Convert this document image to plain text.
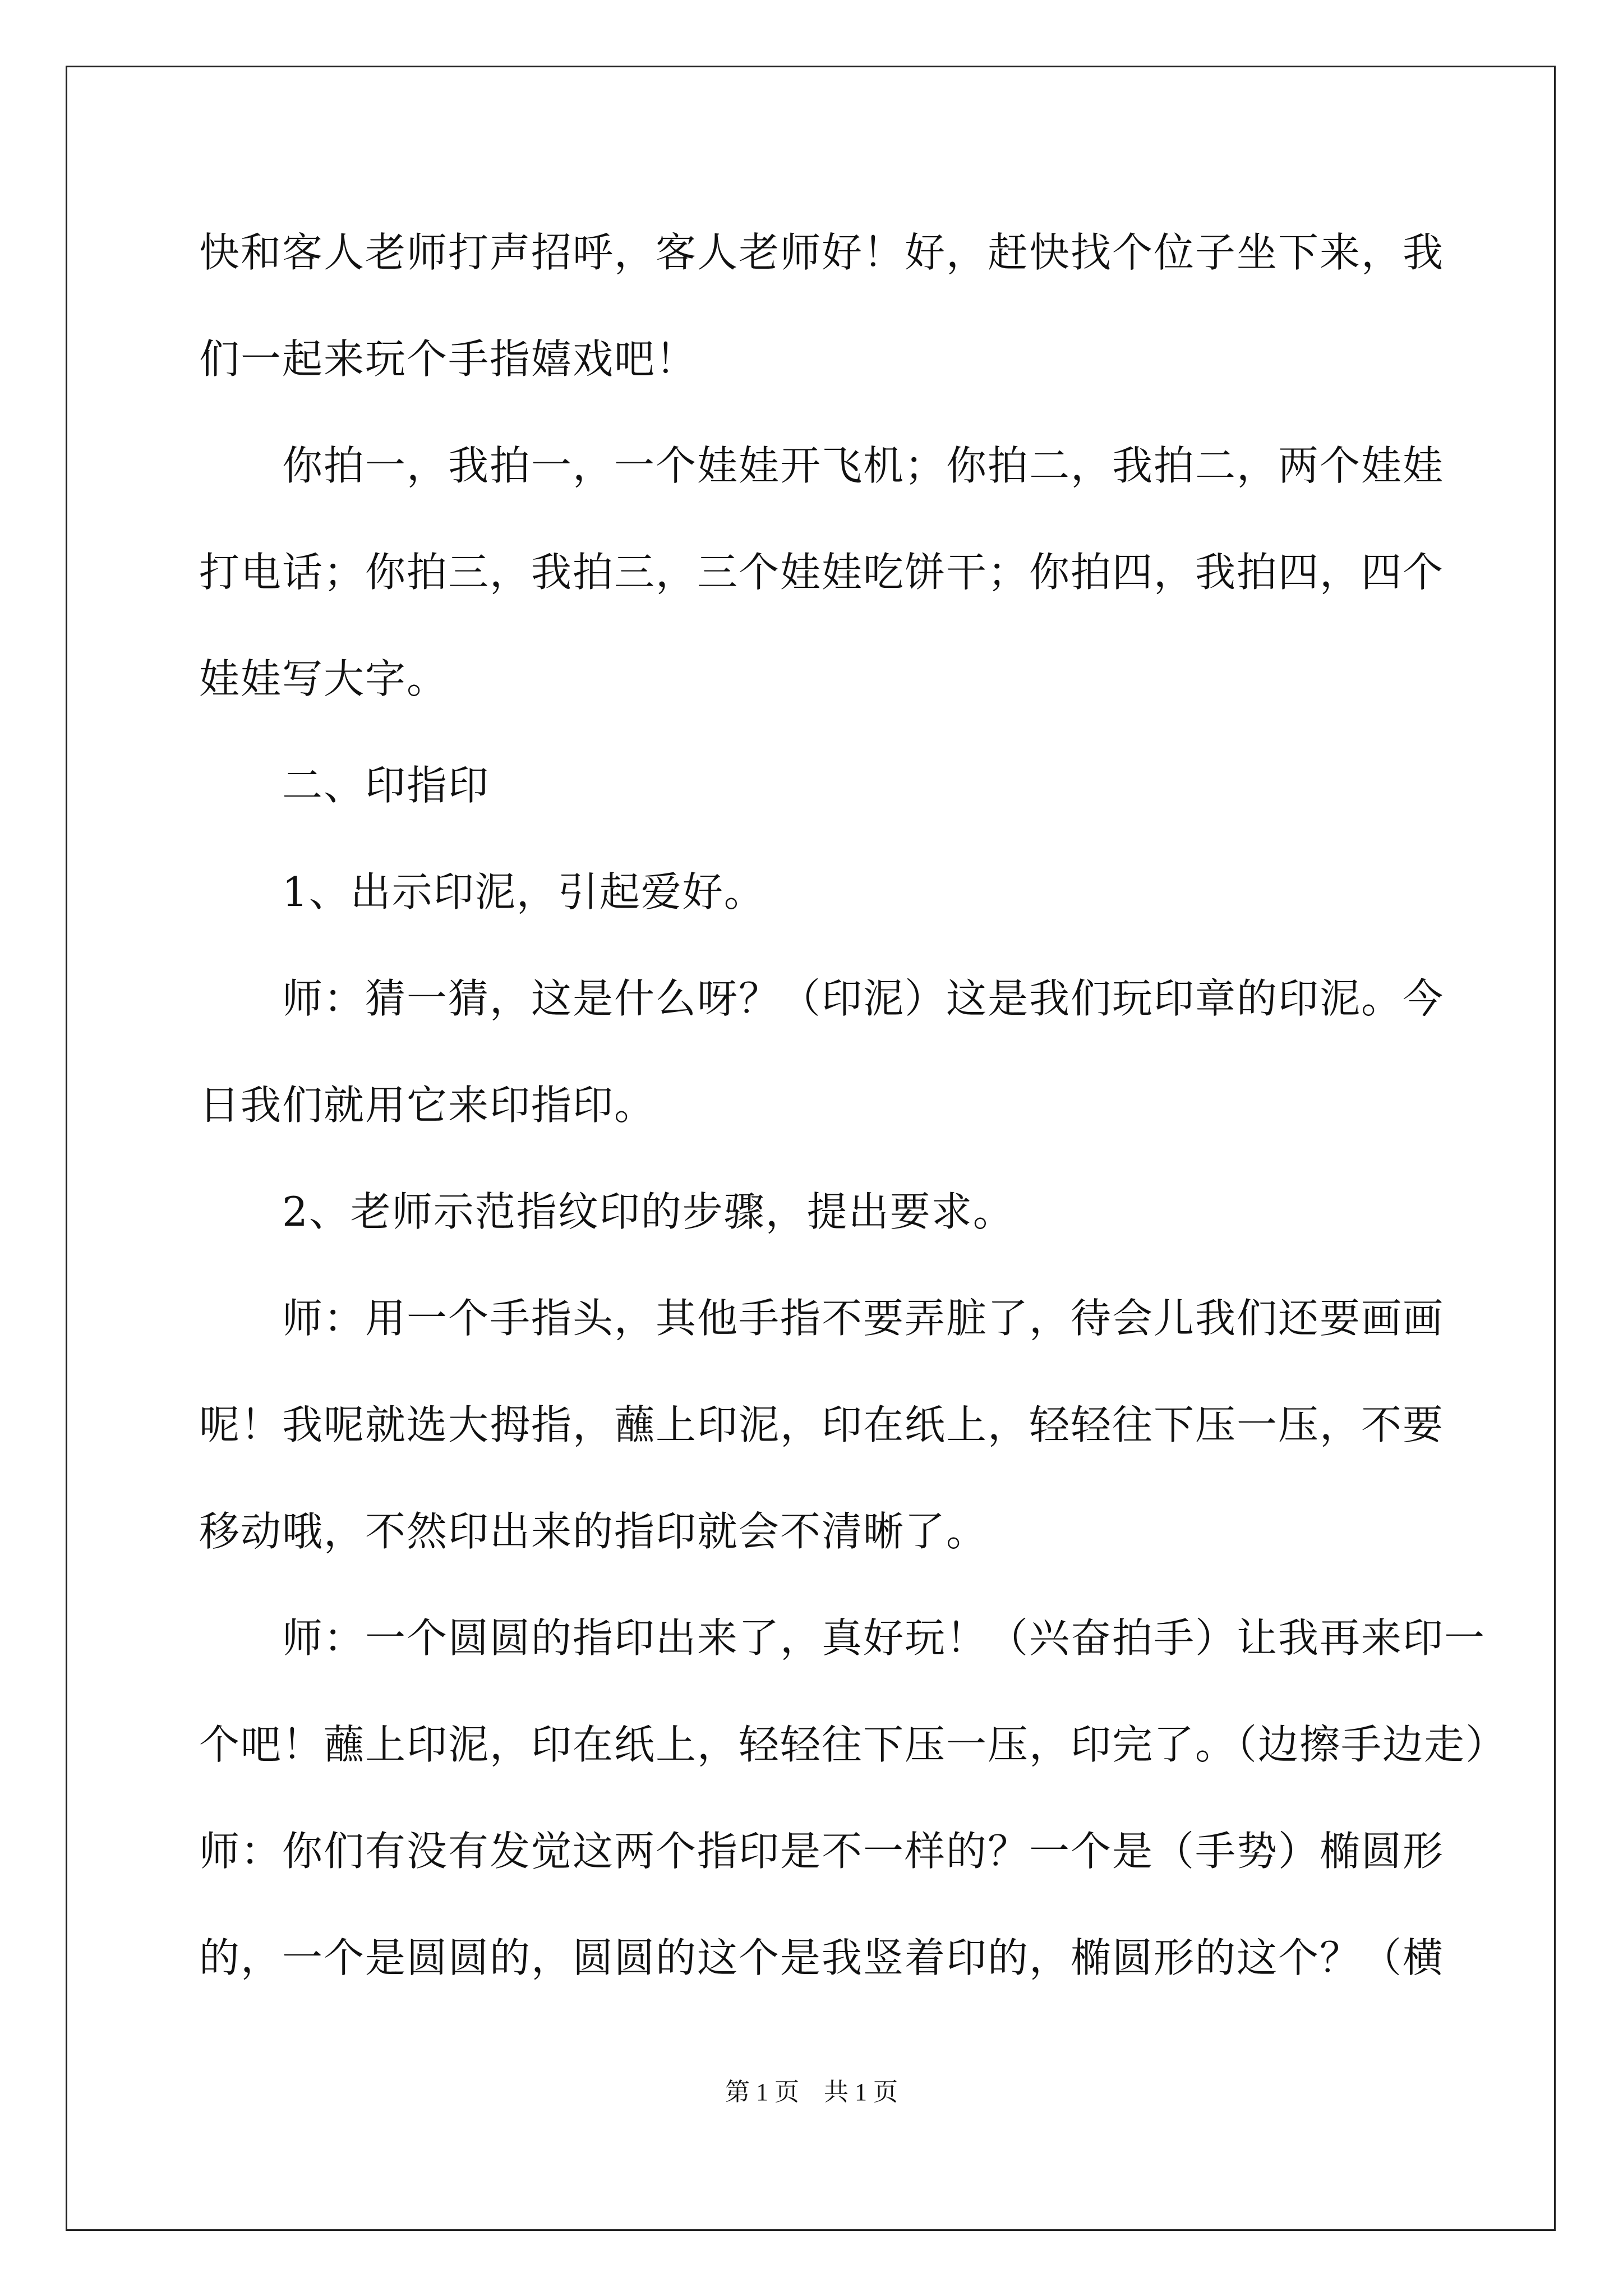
快和客人老师打声招呼，客人老师好！好，赶快找个位子坐下来，我
们一起来玩个手指嬉戏吧！
　　你拍一，我拍一，一个娃娃开飞机；你拍二，我拍二，两个娃娃
打电话；你拍三，我拍三，三个娃娃吃饼干；你拍四，我拍四，四个
娃娃写大字。
　　二、印指印
　　1、出示印泥，引起爱好。
　　师：猜一猜，这是什么呀？（印泥）这是我们玩印章的印泥。今
日我们就用它来印指印。
　　2、老师示范指纹印的步骤，提出要求。
　　师：用一个手指头，其他手指不要弄脏了，待会儿我们还要画画
呢！我呢就选大拇指，蘸上印泥，印在纸上，轻轻往下压一压，不要
移动哦，不然印出来的指印就会不清晰了。
　　师：一个圆圆的指印出来了，真好玩！（兴奋拍手）让我再来印一
个吧！蘸上印泥，印在纸上，轻轻往下压一压，印完了。（边擦手边走）
师：你们有没有发觉这两个指印是不一样的？一个是（手势）椭圆形
的，一个是圆圆的，圆圆的这个是我竖着印的，椭圆形的这个？（横
第 1 页　共 1 页
